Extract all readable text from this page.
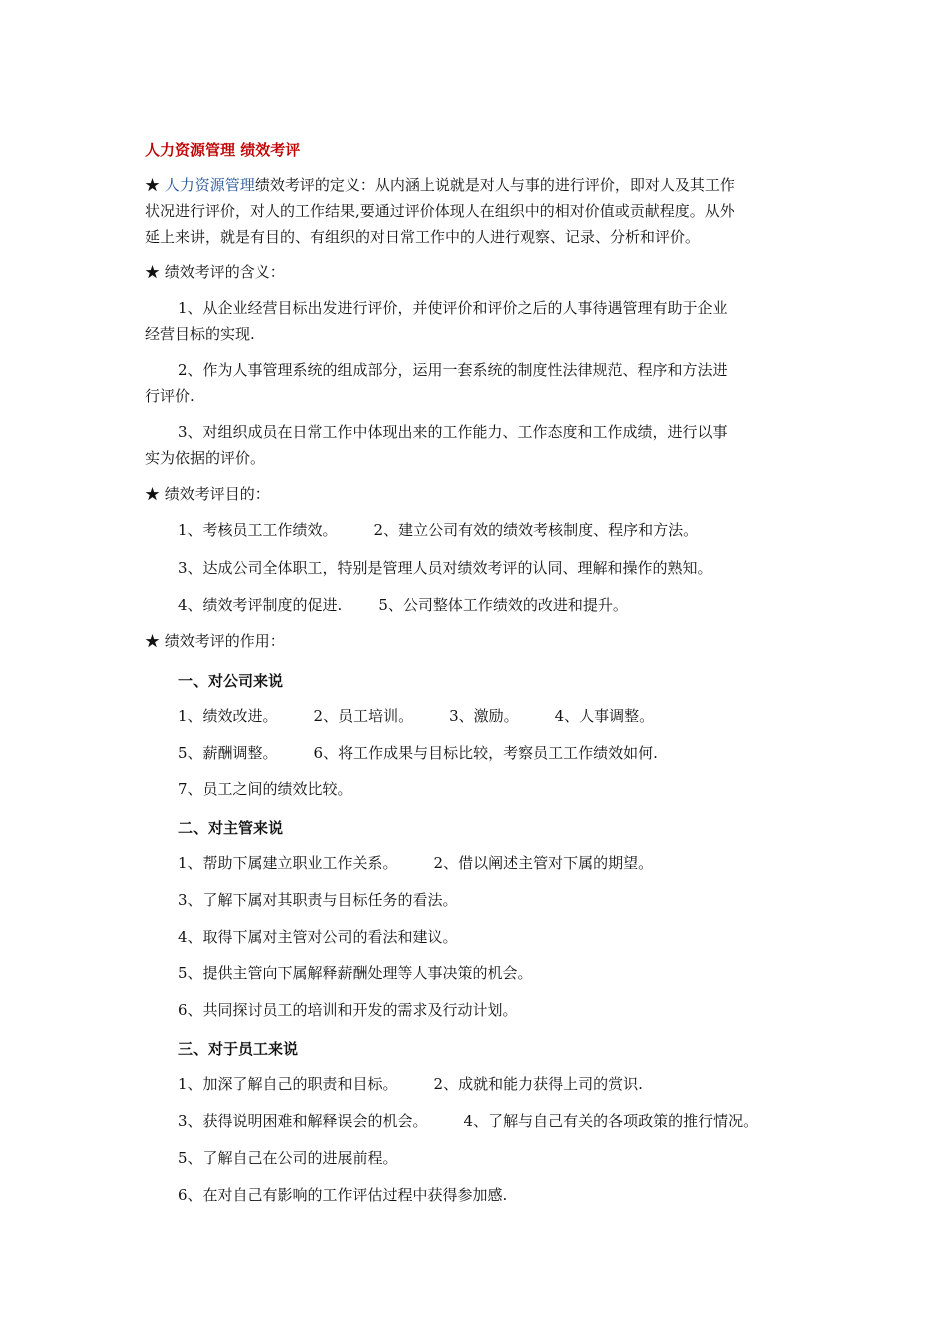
人力资源管理 绩效考评
★ 人力资源管理绩效考评的定义：从内涵上说就是对人与事的进行评价，即对人及其工作
状况进行评价，对人的工作结果,要通过评价体现人在组织中的相对价值或贡献程度。从外
延上来讲，就是有目的、有组织的对日常工作中的人进行观察、记录、分析和评价。
★ 绩效考评的含义：
1、从企业经营目标出发进行评价，并使评价和评价之后的人事待遇管理有助于企业
经营目标的实现.
2、作为人事管理系统的组成部分，运用一套系统的制度性法律规范、程序和方法进
行评价.
3、对组织成员在日常工作中体现出来的工作能力、工作态度和工作成绩，进行以事
实为依据的评价。
★ 绩效考评目的：
1、考核员工工作绩效。 2、建立公司有效的绩效考核制度、程序和方法。
3、达成公司全体职工，特别是管理人员对绩效考评的认同、理解和操作的熟知。
4、绩效考评制度的促进. 5、公司整体工作绩效的改进和提升。
★ 绩效考评的作用：
一、对公司来说
1、绩效改进。 2、员工培训。 3、激励。 4、人事调整。
5、薪酬调整。 6、将工作成果与目标比较，考察员工工作绩效如何.
7、员工之间的绩效比较。
二、对主管来说
1、帮助下属建立职业工作关系。 2、借以阐述主管对下属的期望。
3、了解下属对其职责与目标任务的看法。
4、取得下属对主管对公司的看法和建议。
5、提供主管向下属解释薪酬处理等人事决策的机会。
6、共同探讨员工的培训和开发的需求及行动计划。
三、对于员工来说
1、加深了解自己的职责和目标。 2、成就和能力获得上司的赏识.
3、获得说明困难和解释误会的机会。 4、了解与自己有关的各项政策的推行情况。
5、了解自己在公司的进展前程。
6、在对自己有影响的工作评估过程中获得参加感.
